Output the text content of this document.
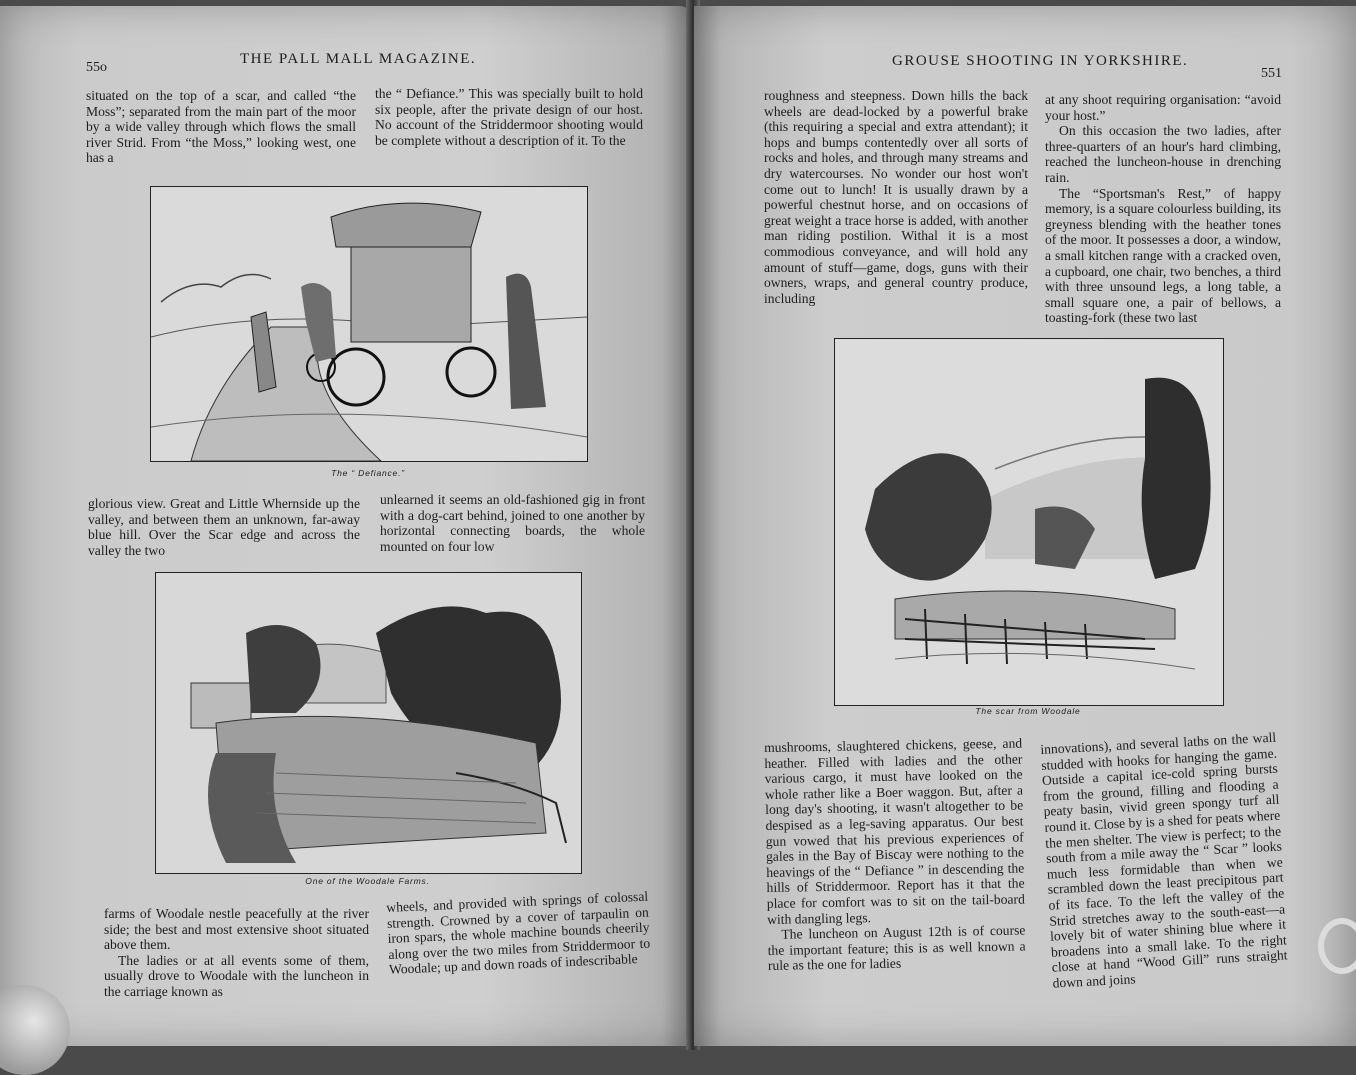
55o
THE PALL MALL MAGAZINE.

situated on the top of a scar, and called “the Moss”; separated from the main part of the moor by a wide valley through which flows the small river Strid. From “the Moss,” looking west, one has a

the “ Defiance.” This was specially built to hold six people, after the private design of our host. No account of the Striddermoor shooting would be complete without a description of it. To the

The “ Defiance.”

glorious view. Great and Little Whernside up the valley, and between them an unknown, far-away blue hill. Over the Scar edge and across the valley the two

unlearned it seems an old-fashioned gig in front with a dog-cart behind, joined to one another by horizontal connecting boards, the whole mounted on four low

One of the Woodale Farms.

farms of Woodale nestle peacefully at the river side; the best and most extensive shoot situated above them.

The ladies or at all events some of them, usually drove to Woodale with the luncheon in the carriage known as

wheels, and provided with springs of colossal strength. Crowned by a cover of tarpaulin on iron spars, the whole machine bounds cheerily along over the two miles from Striddermoor to Woodale; up and down roads of indescribable

GROUSE SHOOTING IN YORKSHIRE.
551

roughness and steepness. Down hills the back wheels are dead-locked by a powerful brake (this requiring a special and extra attendant); it hops and bumps contentedly over all sorts of rocks and holes, and through many streams and dry watercourses. No wonder our host won't come out to lunch! It is usually drawn by a powerful chestnut horse, and on occasions of great weight a trace horse is added, with another man riding postilion. Withal it is a most commodious conveyance, and will hold any amount of stuff—game, dogs, guns with their owners, wraps, and general country produce, including

at any shoot requiring organisation: “avoid your host.”

On this occasion the two ladies, after three-quarters of an hour's hard climbing, reached the luncheon-house in drenching rain.

The “Sportsman's Rest,” of happy memory, is a square colourless building, its greyness blending with the heather tones of the moor. It possesses a door, a window, a small kitchen range with a cracked oven, a cupboard, one chair, two benches, a third with three unsound legs, a long table, a small square one, a pair of bellows, a toasting-fork (these two last

The scar from Woodale

mushrooms, slaughtered chickens, geese, and heather. Filled with ladies and the other various cargo, it must have looked on the whole rather like a Boer waggon. But, after a long day's shooting, it wasn't altogether to be despised as a leg-saving apparatus. Our best gun vowed that his previous experiences of gales in the Bay of Biscay were nothing to the heavings of the “ Defiance ” in descending the hills of Striddermoor. Report has it that the place for comfort was to sit on the tail-board with dangling legs.

The luncheon on August 12th is of course the important feature; this is as well known a rule as the one for ladies

innovations), and several laths on the wall studded with hooks for hanging the game. Outside a capital ice-cold spring bursts from the ground, filling and flooding a peaty basin, vivid green spongy turf all round it. Close by is a shed for peats where the men shelter. The view is perfect; to the south from a mile away the “ Scar ” looks much less formidable than when we scrambled down the least precipitous part of its face. To the left the valley of the Strid stretches away to the south-east—a lovely bit of water shining blue where it broadens into a small lake. To the right close at hand “Wood Gill” runs straight down and joins
